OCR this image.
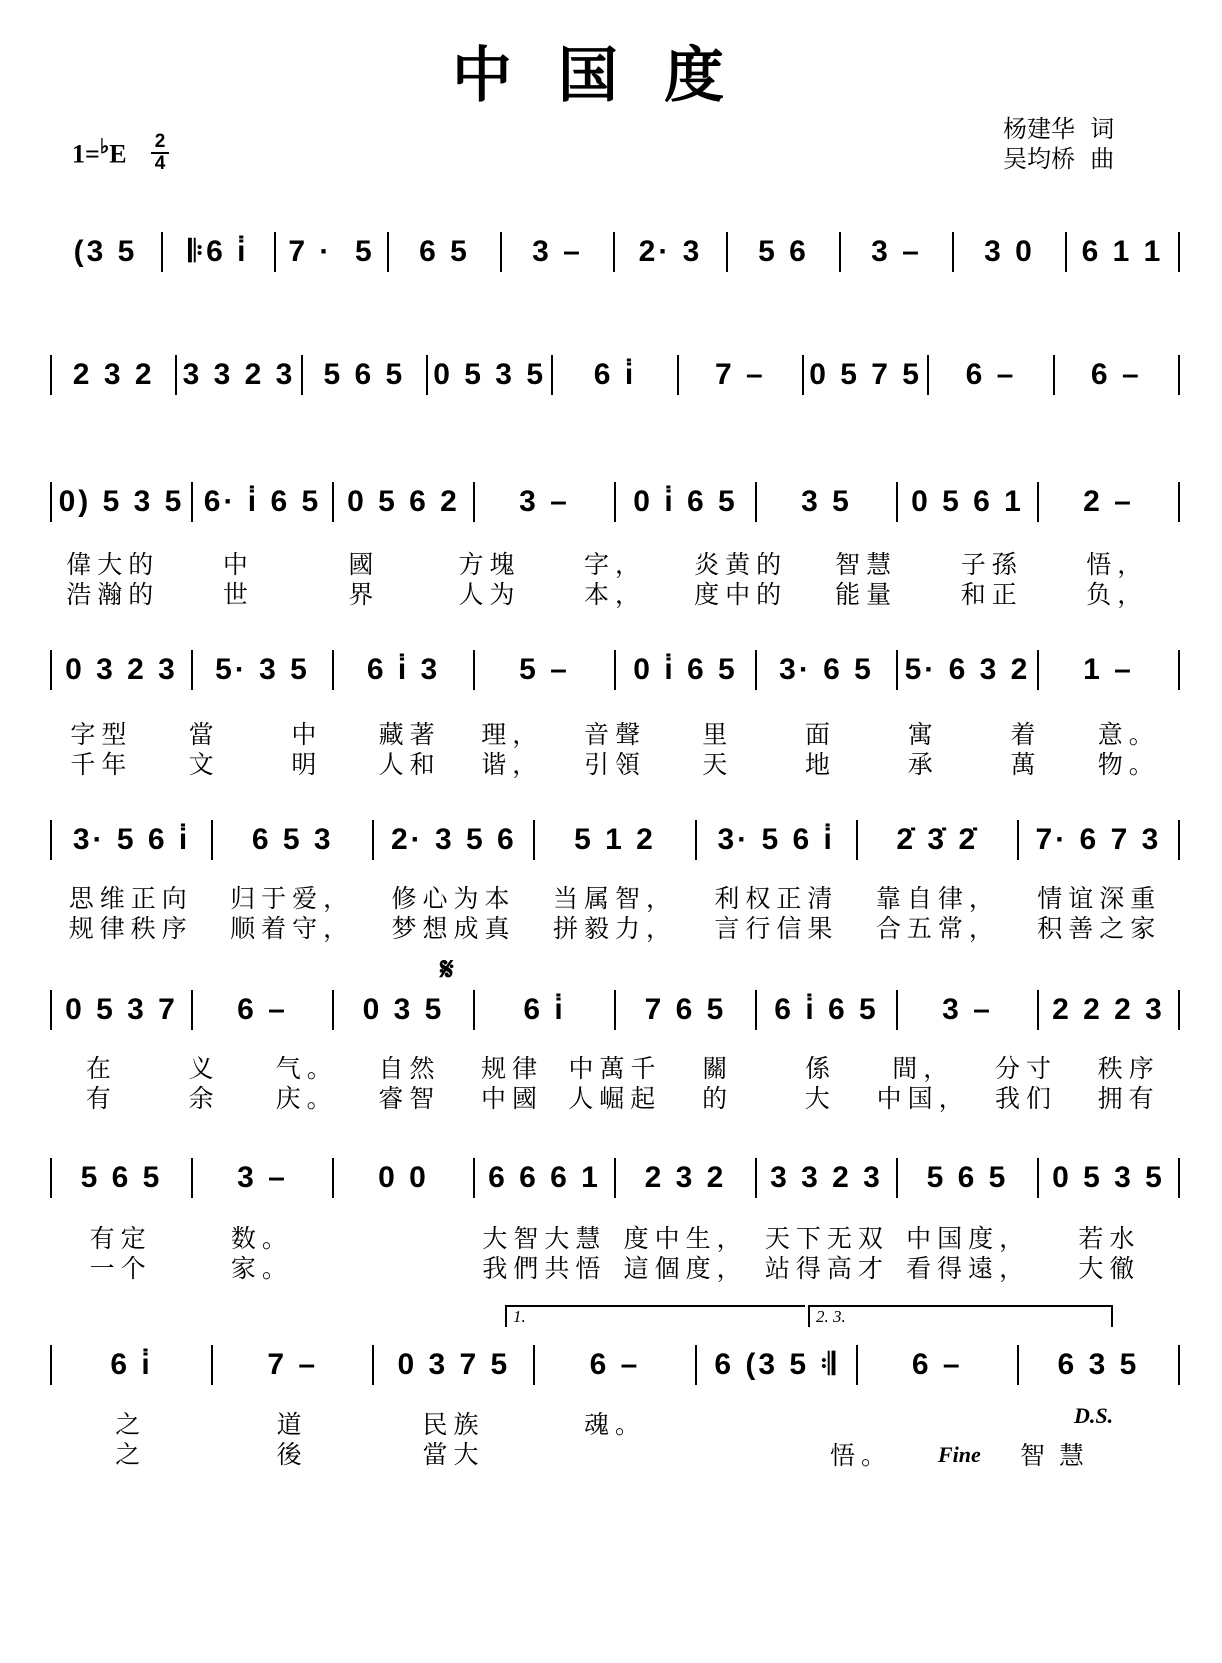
中国度
1=♭E 2
4
杨建华  词
吴均桥  曲
𝄋
1.	2. 3.
D.S.
Fine 智慧
悟。
(3 5 𝄆6 i̇ 7 ·  5 6 5 3 – 2· 3 5 6 3 – 3 0 6 1 1
2 3 2 3 3 2 3 5 6 5 0 5 3 5 6 i̇	7 – 0 5 7 5 6 – 6 –
0) 5 3 5 6· i̇ 6 5 0 5 6 2 3 – 0 i̇ 6 5 3 5 0 5 6 1 2 –
偉大的	中	國	方塊	字，	炎黄的	智慧	子孫	悟，
浩瀚的	世	界	人为	本，	度中的	能量	和正	负，
0 3 2 3 5· 3 5 6 i̇ 3	5 – 0 i̇ 6 5 3· 6 5 5· 6 3 2 1 –
字型	當	中	藏著	理，	音聲	里	面	寓	着	意。
千年	文	明	人和	谐，	引領	天	地	承	萬	物。
3· 5 6 i̇ 6 5 3 2· 3 5 6 5 1 2 3· 5 6 i̇ 2̇ 3̇ 2̇ 7· 6 7 3
思维正向	归于爱，	修心为本	当属智，	利权正清	靠自律，	情谊深重
规律秩序	顺着守，	梦想成真	拼毅力，	言行信果	合五常，	积善之家
0 5 3 7 6 – 0 3 5	6 i̇	7 6 5 6 i̇ 6 5 3 – 2 2 2 3
在	义	气。	自然	规律	中萬千	關	係	間，	分寸	秩序
有	余	庆。	睿智	中國	人崛起	的	大	中国，	我们	拥有
5 6 5 3 –	0 0 6 6 6 1 2 3 2 3 3 2 3 5 6 5 0 5 3 5
有定	数。	大智大慧 度中生， 天下无双 中国度，	若水
一个	家。	我們共悟 這個度， 站得高才 看得遠，	大徹
6 i̇	7 –	0 3 7 5	6 – 6 (3 5 𝄇 6 –	6 3 5
之	道	民族	魂。
之	後	當大
